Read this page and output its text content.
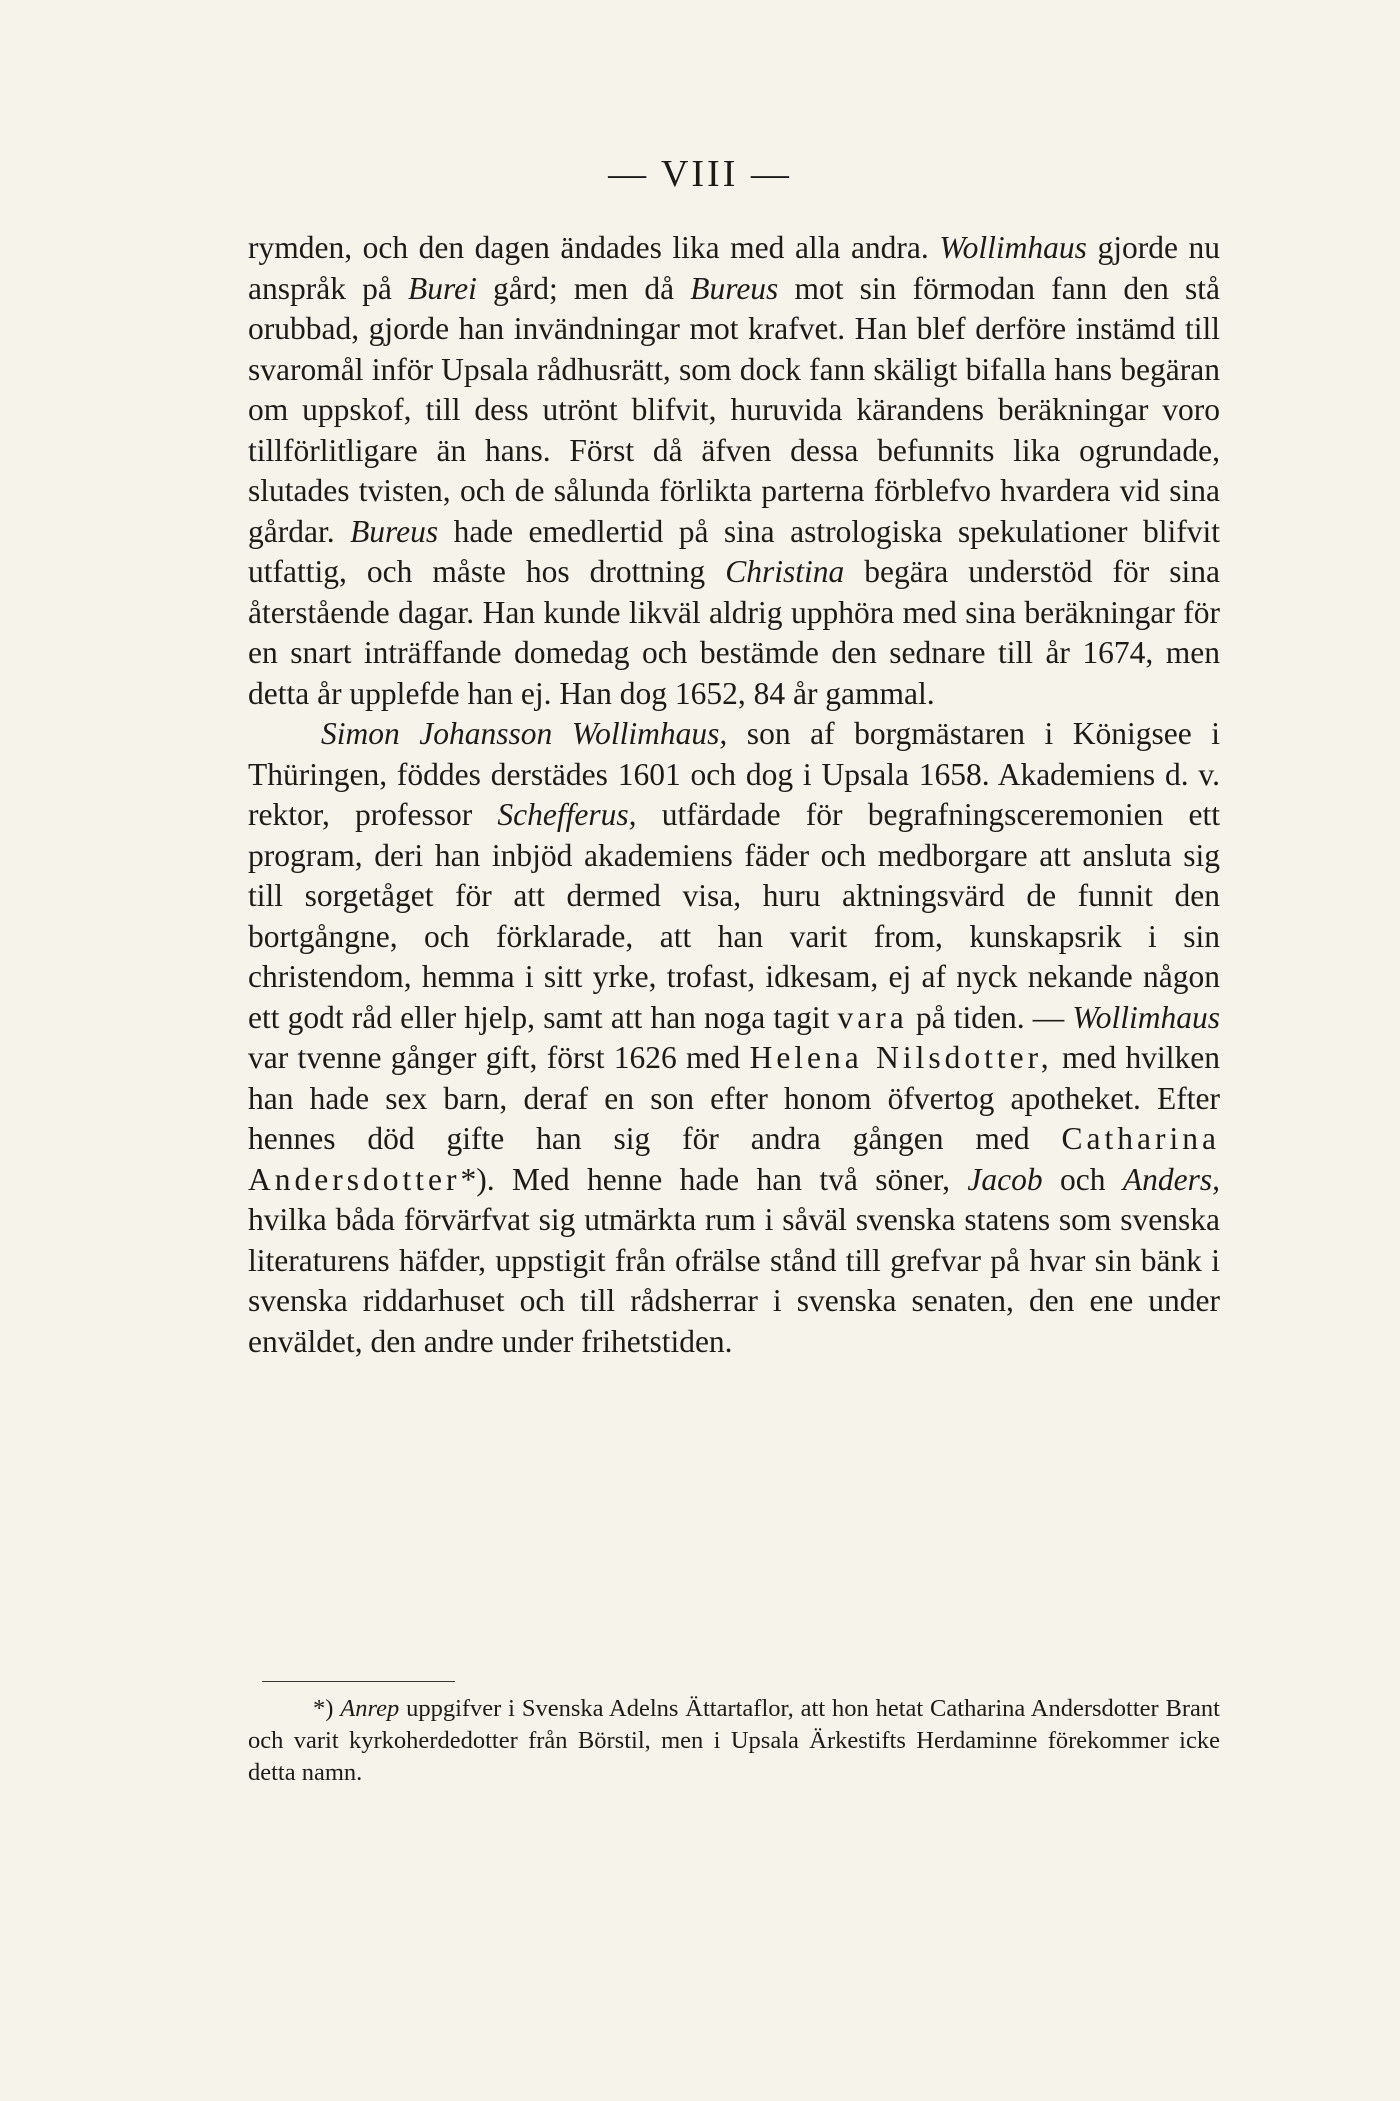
— VIII —

rymden, och den dagen ändades lika med alla andra. Wollimhaus gjorde nu anspråk på Burei gård; men då Bureus mot sin förmodan fann den stå orubbad, gjorde han invändningar mot krafvet. Han blef derföre instämd till svaromål inför Upsala rådhusrätt, som dock fann skäligt bifalla hans begäran om uppskof, till dess utrönt blifvit, huruvida kärandens beräkningar voro tillförlitligare än hans. Först då äfven dessa befunnits lika ogrundade, slutades tvisten, och de sålunda förlikta parterna förblefvo hvardera vid sina gårdar. Bureus hade emedlertid på sina astrologiska spekulationer blifvit utfattig, och måste hos drottning Christina begära understöd för sina återstående dagar. Han kunde likväl aldrig upphöra med sina beräkningar för en snart inträffande domedag och bestämde den sednare till år 1674, men detta år upplefde han ej. Han dog 1652, 84 år gammal.

Simon Johansson Wollimhaus, son af borgmästaren i Königsee i Thüringen, föddes derstädes 1601 och dog i Upsala 1658. Akademiens d. v. rektor, professor Schefferus, utfärdade för begrafningsceremonien ett program, deri han inbjöd akademiens fäder och medborgare att ansluta sig till sorgetåget för att dermed visa, huru aktningsvärd de funnit den bortgångne, och förklarade, att han varit from, kunskapsrik i sin christendom, hemma i sitt yrke, trofast, idkesam, ej af nyck nekande någon ett godt råd eller hjelp, samt att han noga tagit vara på tiden. — Wollimhaus var tvenne gånger gift, först 1626 med Helena Nilsdotter, med hvilken han hade sex barn, deraf en son efter honom öfvertog apotheket. Efter hennes död gifte han sig för andra gången med Catharina Andersdotter*). Med henne hade han två söner, Jacob och Anders, hvilka båda förvärfvat sig utmärkta rum i såväl svenska statens som svenska literaturens häfder, uppstigit från ofrälse stånd till grefvar på hvar sin bänk i svenska riddarhuset och till rådsherrar i svenska senaten, den ene under enväldet, den andre under frihetstiden.

*) Anrep uppgifver i Svenska Adelns Ättartaflor, att hon hetat Catharina Andersdotter Brant och varit kyrkoherdedotter från Börstil, men i Upsala Ärkestifts Herdaminne förekommer icke detta namn.
